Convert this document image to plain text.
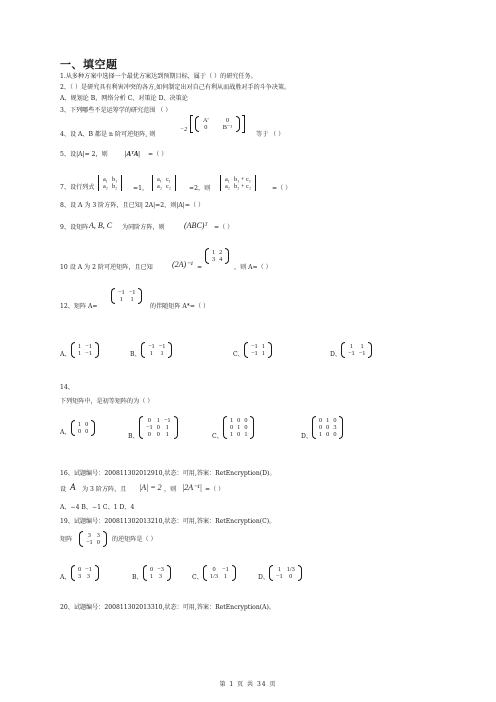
一、填空题
1.从多种方案中选择一个最优方案达到预期目标，属于（ ）的研究任务。
2、（ ）是研究具有利害冲突的各方,如何制定出对自己有利从而战胜对手的斗争决策。
A、规划论 B、网络分析 C、对策论 D、决策论
3、下列哪些不是运筹学的研究范围 （ ）
4、设 A、B 都是 n 阶可逆矩阵, 则
−2
A'	0
0	B⁻¹
等于 （ ）
5、设|A|= 2，则 |AᵀA| =（ ）
7、设行列式
a₁	b₁
a₂	b₂	=1，
a₁	c₁
a₂	c₂	=2，则
a₁	b₁ + c₁
a₂	b₂ + c₂	=（ ）
8、设 A 为 3 阶方阵，且已知| 2A|=2，则|A|=（ ）
9、设矩阵 A, B, C 为同阶方阵，则 (ABC)ᵀ =（ ）
10 设 A 为 2 阶可逆矩阵，且已知 (2A)⁻¹ =
1	2
3	4
，则 A=（ ）
12、矩阵 A=
−1	−1
1	1
的伴随矩阵 A*=（ ）
A、
1	−1
1	−1	B、
−1	−1
1	1	C、
−1	1
−1	1	D、
1	1
−1	−1
14、
下列矩阵中，是初等矩阵的为（ ）
A、
1	0
0	0
B、
0	1	−1
−1	0	1
0	0	1	C、
1	0	0
0	1	0
1	0	1	D、
0	1	0
0	0	3
1	0	0
16、试题编号：200811302012910,状态：可用,答案：RetEncryption(D)。
设 A 为 3 阶方阵，且 |A| = 2 ，则 |2A⁻¹| =（ ）
A、−4 B、−1 C、1 D、4
19、试题编号：200811302013210,状态：可用,答案：RetEncryption(C)。
矩阵
3	3
−1	0 的逆矩阵是（ ）
A、
0	−1
3	3	B、
0	−3
1	3	C、
0	−1
1/3	1	D、
1	1/3
−1	0
20、试题编号：200811302013310,状态：可用,答案：RetEncryption(A)。
第 1 页 共 34 页
